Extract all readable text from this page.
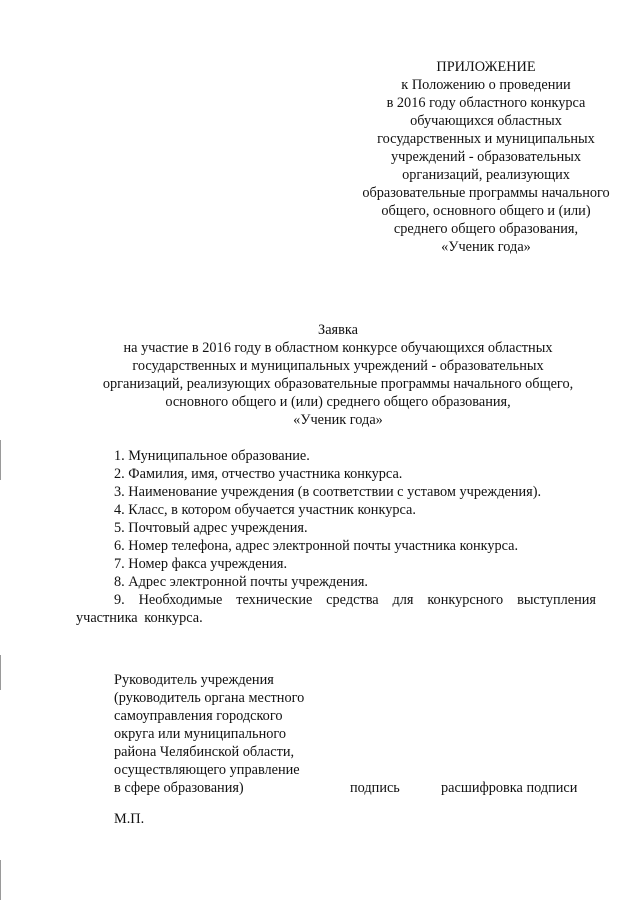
ПРИЛОЖЕНИЕ
к Положению о проведении
в 2016 году областного конкурса
обучающихся областных
государственных и муниципальных
учреждений - образовательных
организаций, реализующих
образовательные программы начального
общего, основного общего и (или)
среднего общего образования,
«Ученик года»
Заявка
на участие в 2016 году в областном конкурсе обучающихся областных
государственных и муниципальных учреждений - образовательных
организаций, реализующих образовательные программы начального общего,
основного общего и (или) среднего общего образования,
«Ученик года»
1. Муниципальное образование.
2. Фамилия, имя, отчество участника конкурса.
3. Наименование учреждения (в соответствии с уставом учреждения).
4. Класс, в котором обучается участник конкурса.
5. Почтовый адрес учреждения.
6. Номер телефона, адрес электронной почты участника конкурса.
7. Номер факса учреждения.
8. Адрес электронной почты учреждения.
9. Необходимые технические средства для конкурсного выступления участника конкурса.
Руководитель учреждения
(руководитель органа местного
самоуправления городского
округа или муниципального
района Челябинской области,
осуществляющего управление
в сфере образования)	подпись	расшифровка подписи
М.П.
